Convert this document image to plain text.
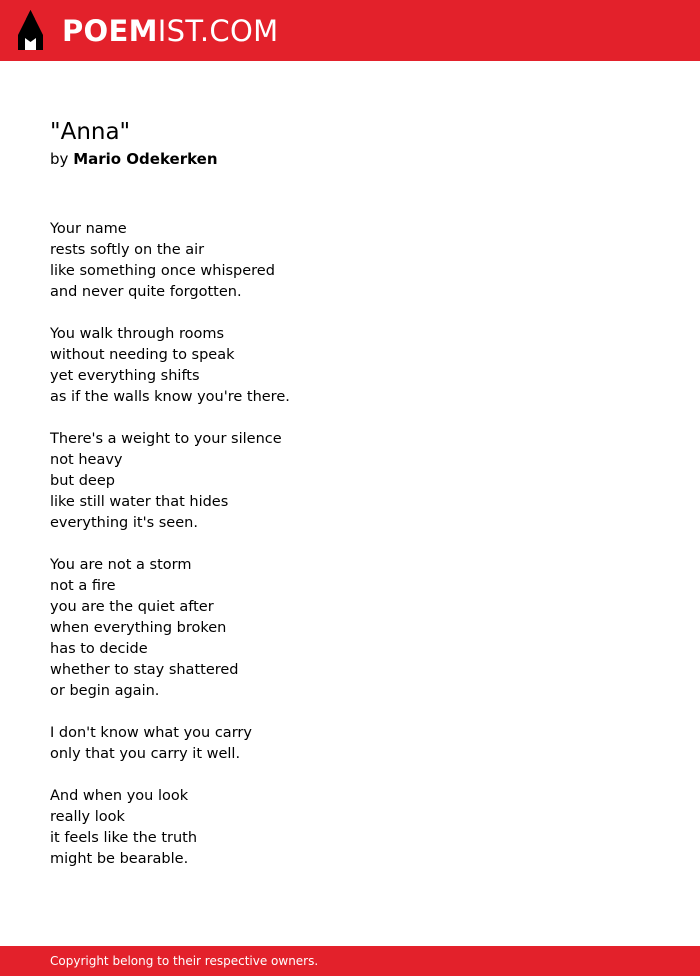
POEMIST.COM
"Anna"
by Mario Odekerken
Your name
rests softly on the air
like something once whispered
and never quite forgotten.
You walk through rooms
without needing to speak
yet everything shifts
as if the walls know you're there.
There's a weight to your silence
not heavy
but deep
like still water that hides
everything it's seen.
You are not a storm
not a fire
you are the quiet after
when everything broken
has to decide
whether to stay shattered
or begin again.
I don't know what you carry
only that you carry it well.
And when you look
really look
it feels like the truth
might be bearable.
Copyright belong to their respective owners.
